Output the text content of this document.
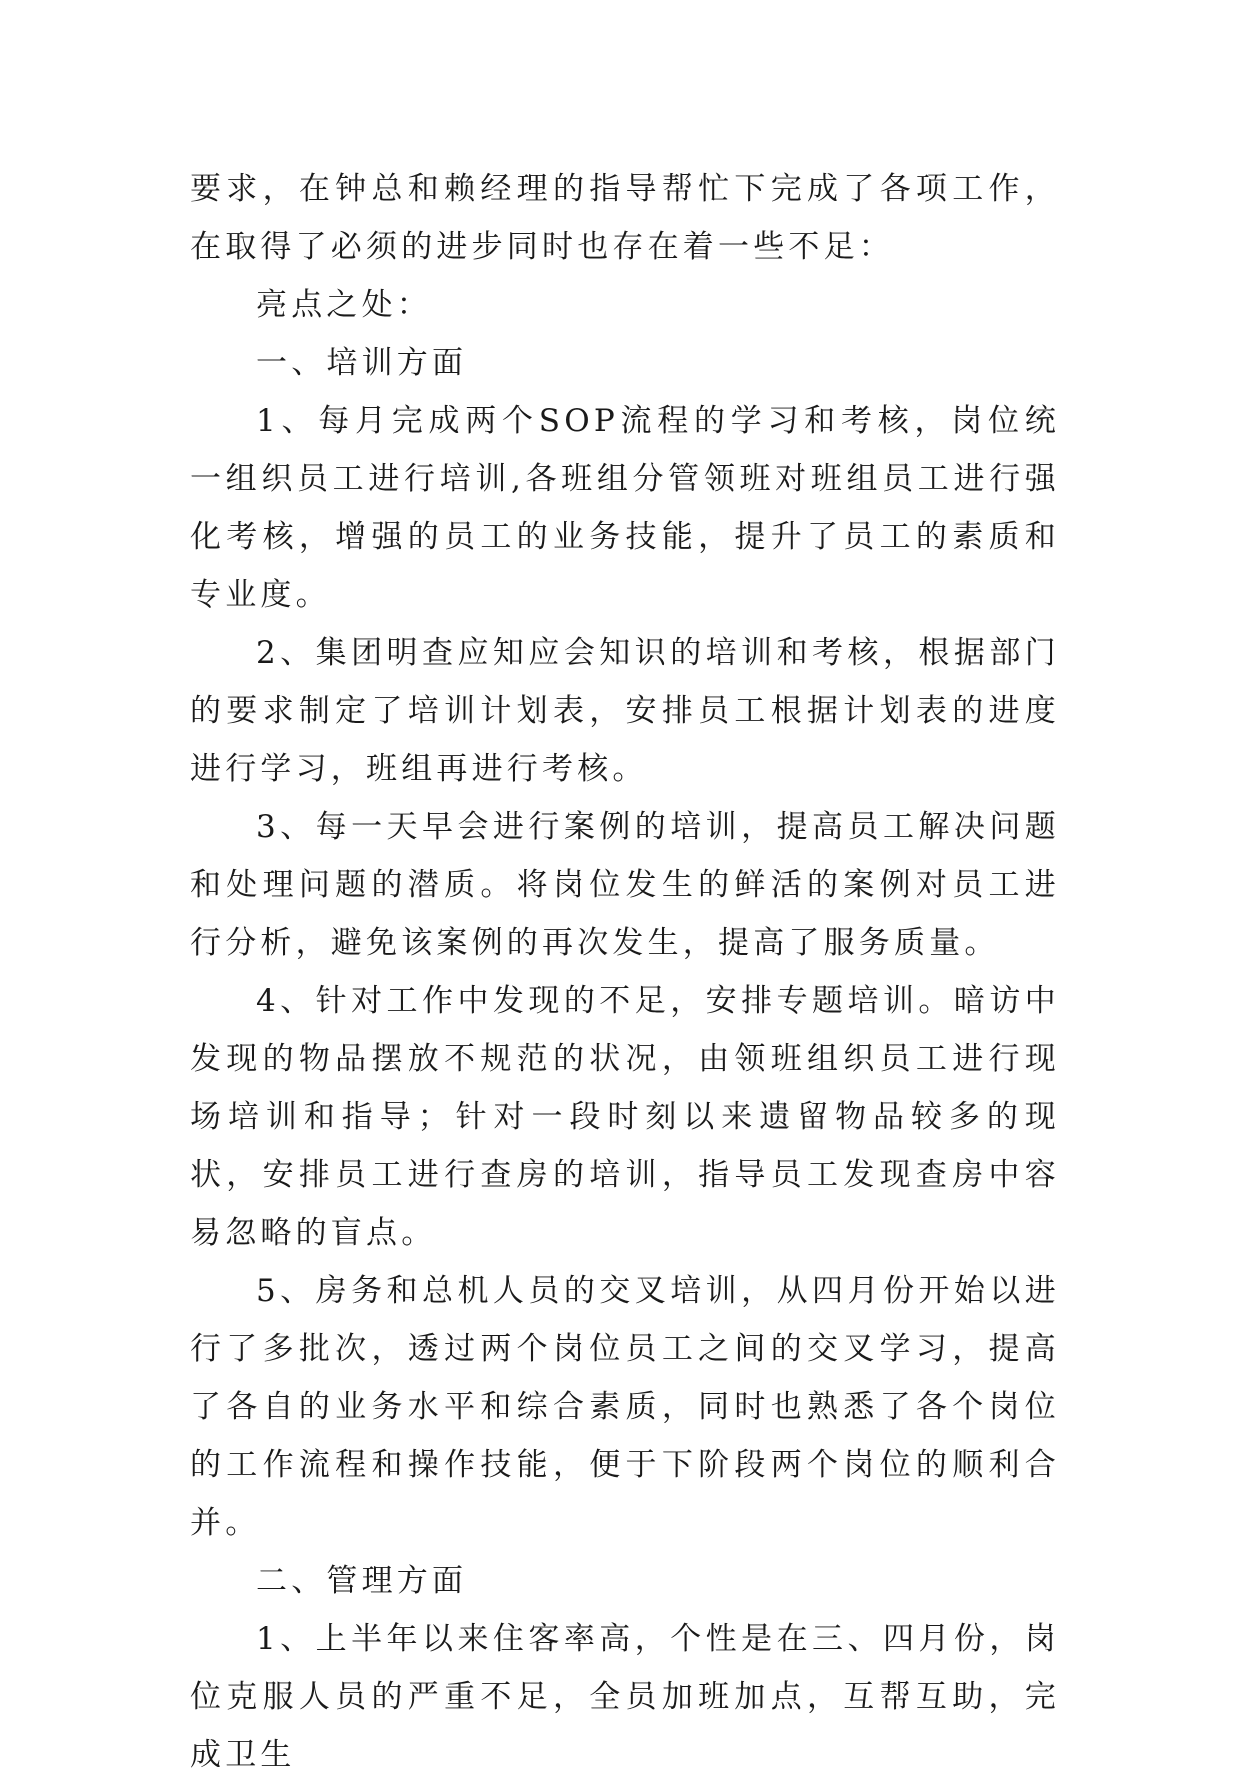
要求，在钟总和赖经理的指导帮忙下完成了各项工作，在取得了必须的进步同时也存在着一些不足：

亮点之处：

一、培训方面

1、每月完成两个SOP流程的学习和考核，岗位统一组织员工进行培训,各班组分管领班对班组员工进行强化考核，增强的员工的业务技能，提升了员工的素质和专业度。

2、集团明查应知应会知识的培训和考核，根据部门的要求制定了培训计划表，安排员工根据计划表的进度进行学习，班组再进行考核。

3、每一天早会进行案例的培训，提高员工解决问题和处理问题的潜质。将岗位发生的鲜活的案例对员工进行分析，避免该案例的再次发生，提高了服务质量。

4、针对工作中发现的不足，安排专题培训。暗访中发现的物品摆放不规范的状况，由领班组织员工进行现场培训和指导；针对一段时刻以来遗留物品较多的现状，安排员工进行查房的培训，指导员工发现查房中容易忽略的盲点。

5、房务和总机人员的交叉培训，从四月份开始以进行了多批次，透过两个岗位员工之间的交叉学习，提高了各自的业务水平和综合素质，同时也熟悉了各个岗位的工作流程和操作技能，便于下阶段两个岗位的顺利合并。

二、管理方面

1、上半年以来住客率高，个性是在三、四月份，岗位克服人员的严重不足，全员加班加点，互帮互助，完成卫生
